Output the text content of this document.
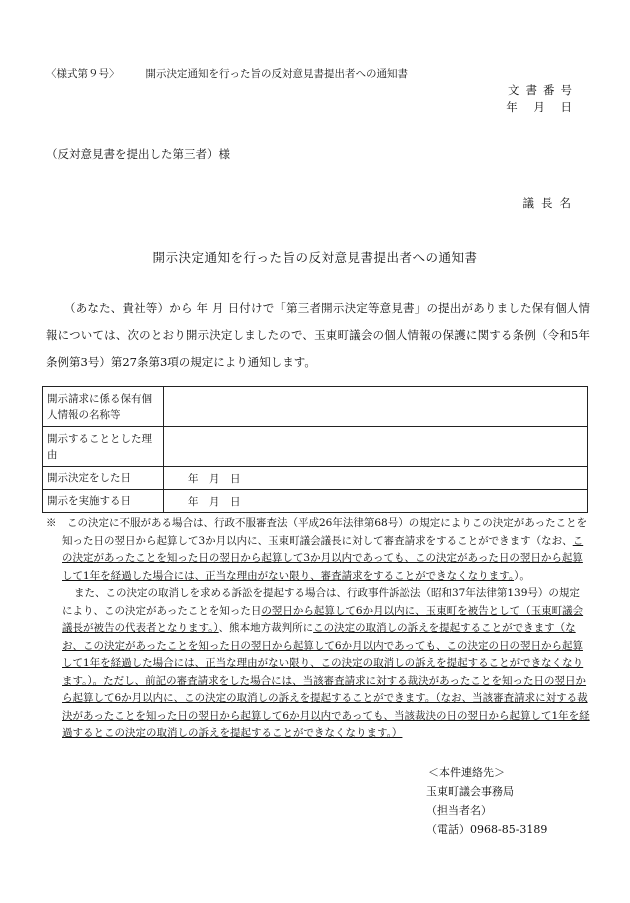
〈様式第９号〉 開示決定通知を行った旨の反対意見書提出者への通知書
文書番号
年 月 日
（反対意見書を提出した第三者）様
議長名
開示決定通知を行った旨の反対意見書提出者への通知書
（あなた、貴社等）から 年 月 日付けで「第三者開示決定等意見書」の提出がありました保有個人情報については、次のとおり開示決定しましたので、玉東町議会の個人情報の保護に関する条例（令和5年条例第3号）第27条第3項の規定により通知します。
開示請求に係る保有個人情報の名称等	
開示することとした理由	
開示決定をした日	年　月　日
開示を実施する日	年　月　日

※　この決定に不服がある場合は、行政不服審査法（平成26年法律第68号）の規定によりこの決定があったことを知った日の翌日から起算して3か月以内に、玉東町議会議長に対して審査請求をすることができます（なお、この決定があったことを知った日の翌日から起算して3か月以内であっても、この決定があった日の翌日から起算して1年を経過した場合には、正当な理由がない限り、審査請求をすることができなくなります。）。

また、この決定の取消しを求める訴訟を提起する場合は、行政事件訴訟法（昭和37年法律第139号）の規定により、この決定があったことを知った日の翌日から起算して6か月以内に、玉東町を被告として（玉東町議会議長が被告の代表者となります。）、熊本地方裁判所にこの決定の取消しの訴えを提起することができます（なお、この決定があったことを知った日の翌日から起算して6か月以内であっても、この決定の日の翌日から起算して1年を経過した場合には、正当な理由がない限り、この決定の取消しの訴えを提起することができなくなります。）。ただし、前記の審査請求をした場合には、当該審査請求に対する裁決があったことを知った日の翌日から起算して6か月以内に、この決定の取消しの訴えを提起することができます。（なお、当該審査請求に対する裁決があったことを知った日の翌日から起算して6か月以内であっても、当該裁決の日の翌日から起算して1年を経過するとこの決定の取消しの訴えを提起することができなくなります。）

＜本件連絡先＞
玉東町議会事務局
（担当者名）
（電話）0968-85-3189
